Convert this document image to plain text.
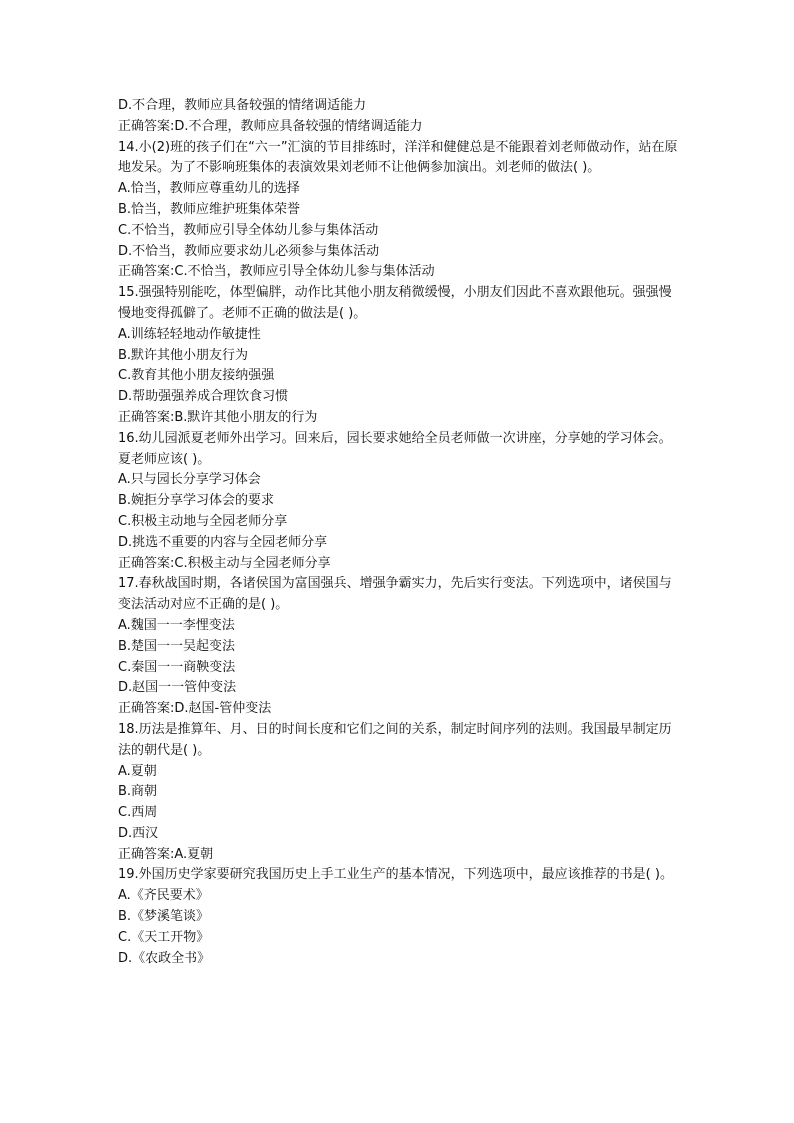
D.不合理，教师应具备较强的情绪调适能力
正确答案:D.不合理，教师应具备较强的情绪调适能力
14.小(2)班的孩子们在“六一”汇演的节目排练时，洋洋和健健总是不能跟着刘老师做动作，站在原地发呆。为了不影响班集体的表演效果刘老师不让他俩参加演出。刘老师的做法( )。
A.恰当，教师应尊重幼儿的选择
B.恰当，教师应维护班集体荣誉
C.不恰当，教师应引导全体幼儿参与集体活动
D.不恰当，教师应要求幼儿必须参与集体活动
正确答案:C.不恰当，教师应引导全体幼儿参与集体活动
15.强强特别能吃，体型偏胖，动作比其他小朋友稍微缓慢，小朋友们因此不喜欢跟他玩。强强慢慢地变得孤僻了。老师不正确的做法是( )。
A.训练轻轻地动作敏捷性
B.默许其他小朋友行为
C.教育其他小朋友接纳强强
D.帮助强强养成合理饮食习惯
正确答案:B.默许其他小朋友的行为
16.幼儿园派夏老师外出学习。回来后，园长要求她给全员老师做一次讲座，分享她的学习体会。夏老师应该( )。
A.只与园长分享学习体会
B.婉拒分享学习体会的要求
C.积极主动地与全园老师分享
D.挑选不重要的内容与全园老师分享
正确答案:C.积极主动与全园老师分享
17.春秋战国时期，各诸侯国为富国强兵、增强争霸实力，先后实行变法。下列选项中，诸侯国与变法活动对应不正确的是( )。
A.魏国一一李悝变法
B.楚国一一吴起变法
C.秦国一一商鞅变法
D.赵国一一管仲变法
正确答案:D.赵国-管仲变法
18.历法是推算年、月、日的时间长度和它们之间的关系，制定时间序列的法则。我国最早制定历法的朝代是( )。
A.夏朝
B.商朝
C.西周
D.西汉
正确答案:A.夏朝
19.外国历史学家要研究我国历史上手工业生产的基本情况，下列选项中，最应该推荐的书是( )。
A.《齐民要术》
B.《梦溪笔谈》
C.《天工开物》
D.《农政全书》
